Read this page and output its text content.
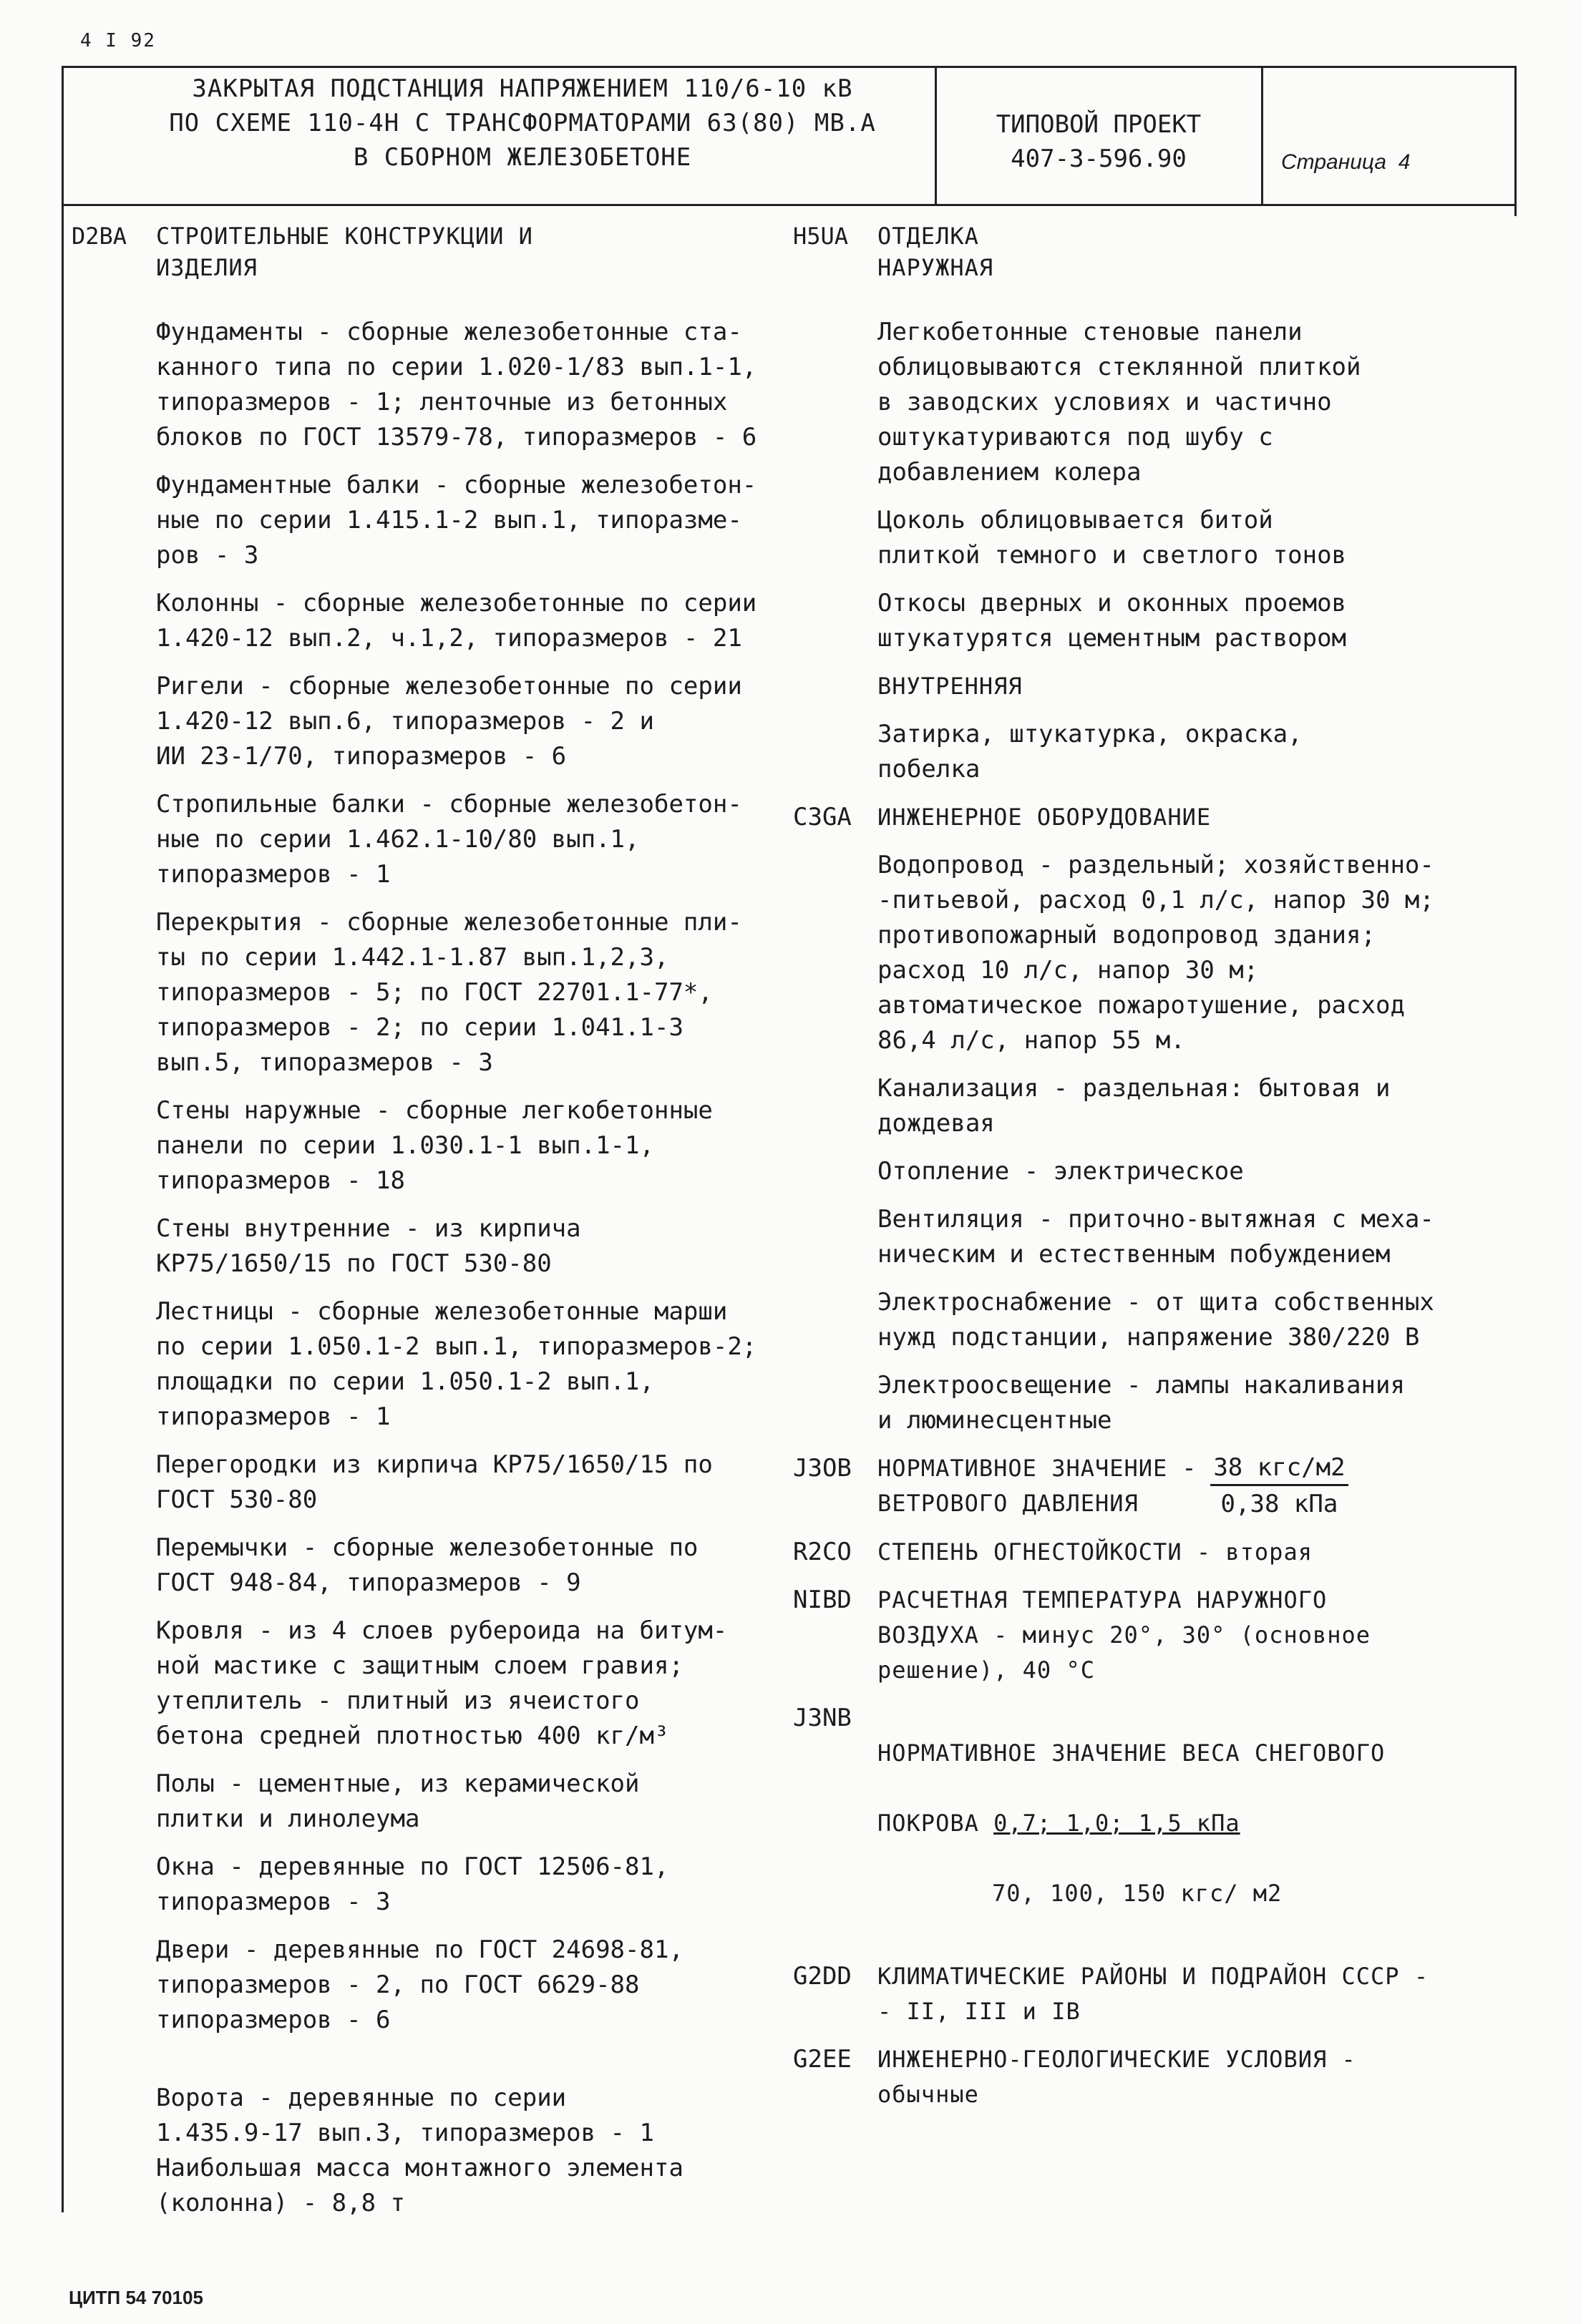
4 I 92
ЗАКРЫТАЯ ПОДСТАНЦИЯ НАПРЯЖЕНИЕМ 110/6-10 кВ
ПО СХЕМЕ 110-4Н С ТРАНСФОРМАТОРАМИ 63(80) МВ.А
В СБОРНОМ ЖЕЛЕЗОБЕТОНЕ
ТИПОВОЙ ПРОЕКТ
407-3-596.90	Страница 4
D2BA	СТРОИТЕЛЬНЫЕ КОНСТРУКЦИИ И
ИЗДЕЛИЯ
Фундаменты - сборные железобетонные ста-
канного типа по серии 1.020-1/83 вып.1-1,
типоразмеров - 1; ленточные из бетонных
блоков по ГОСТ 13579-78, типоразмеров - 6
Фундаментные балки - сборные железобетон-
ные по серии 1.415.1-2 вып.1, типоразме-
ров - 3
Колонны - сборные железобетонные по серии
1.420-12 вып.2, ч.1,2, типоразмеров - 21
Ригели - сборные железобетонные по серии
1.420-12 вып.6, типоразмеров - 2 и
ИИ 23-1/70, типоразмеров - 6
Стропильные балки - сборные железобетон-
ные по серии 1.462.1-10/80 вып.1,
типоразмеров - 1
Перекрытия - сборные железобетонные пли-
ты по серии 1.442.1-1.87 вып.1,2,3,
типоразмеров - 5; по ГОСТ 22701.1-77*,
типоразмеров - 2; по серии 1.041.1-3
вып.5, типоразмеров - 3
Стены наружные - сборные легкобетонные
панели по серии 1.030.1-1 вып.1-1,
типоразмеров - 18
Стены внутренние - из кирпича
КР75/1650/15 по ГОСТ 530-80
Лестницы - сборные железобетонные марши
по серии 1.050.1-2 вып.1, типоразмеров-2;
площадки по серии 1.050.1-2 вып.1,
типоразмеров - 1
Перегородки из кирпича КР75/1650/15 по
ГОСТ 530-80
Перемычки - сборные железобетонные по
ГОСТ 948-84, типоразмеров - 9
Кровля - из 4 слоев рубероида на битум-
ной мастике с защитным слоем гравия;
утеплитель - плитный из ячеистого
бетона средней плотностью 400 кг/м³
Полы - цементные, из керамической
плитки и линолеума
Окна - деревянные по ГОСТ 12506-81,
типоразмеров - 3
Двери - деревянные по ГОСТ 24698-81,
типоразмеров - 2, по ГОСТ 6629-88
типоразмеров - 6
Ворота - деревянные по серии
1.435.9-17 вып.3, типоразмеров - 1
Наибольшая масса монтажного элемента
(колонна) - 8,8 т
H5UA	ОТДЕЛКА
НАРУЖНАЯ
Легкобетонные стеновые панели
облицовываются стеклянной плиткой
в заводских условиях и частично
оштукатуриваются под шубу с
добавлением колера
Цоколь облицовывается битой
плиткой темного и светлого тонов
Откосы дверных и оконных проемов
штукатурятся цементным раствором
ВНУТРЕННЯЯ
Затирка, штукатурка, окраска,
побелка
C3GA	ИНЖЕНЕРНОЕ ОБОРУДОВАНИЕ
Водопровод - раздельный; хозяйственно-
-питьевой, расход 0,1 л/с, напор 30 м;
противопожарный водопровод здания;
расход 10 л/с, напор 30 м;
автоматическое пожаротушение, расход
86,4 л/с, напор 55 м.
Канализация - раздельная: бытовая и
дождевая
Отопление - электрическое
Вентиляция - приточно-вытяжная с меха-
ническим и естественным побуждением
Электроснабжение - от щита собственных
нужд подстанции, напряжение 380/220 В
Электроосвещение - лампы накаливания
и люминесцентные
J3OB	НОРМАТИВНОЕ ЗНАЧЕНИЕ
ВЕТРОВОГО ДАВЛЕНИЯ
- $\frac{\text{38 кгс/м2}}{\text{0,38 кПа}}$
R2CO	СТЕПЕНЬ ОГНЕСТОЙКОСТИ - вторая
NIBD	РАСЧЕТНАЯ ТЕМПЕРАТУРА НАРУЖНОГО
ВОЗДУХА - минус 20°, 30° (основное
решение), 40 °С
J3NB

НОРМАТИВНОЕ ЗНАЧЕНИЕ ВЕСА СНЕГОВОГО

ПОКРОВА 0,7; 1,0; 1,5 кПа

70, 100, 150 кгс/ м2

G2DD	КЛИМАТИЧЕСКИЕ РАЙОНЫ И ПОДРАЙОН СССР -
- II, III и IB
G2EE	ИНЖЕНЕРНО-ГЕОЛОГИЧЕСКИЕ УСЛОВИЯ -
обычные
ЦИТП 54 70105
